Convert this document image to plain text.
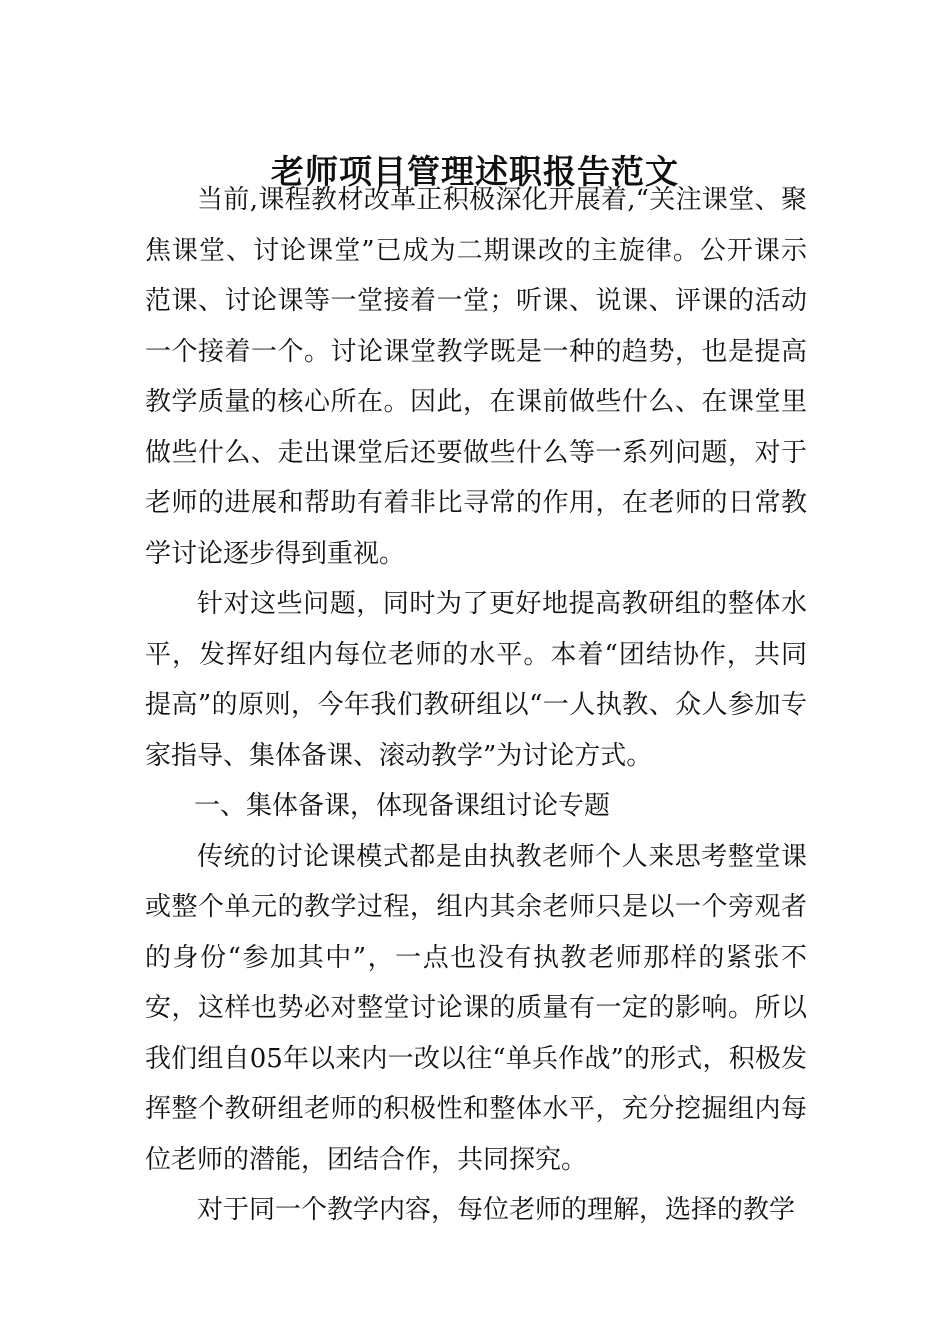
老师项目管理述职报告范文

当前,课程教材改革正积极深化开展着,“关注课堂、聚焦课堂、讨论课堂”已成为二期课改的主旋律。公开课示范课、讨论课等一堂接着一堂；听课、说课、评课的活动一个接着一个。讨论课堂教学既是一种的趋势，也是提高教学质量的核心所在。因此，在课前做些什么、在课堂里做些什么、走出课堂后还要做些什么等一系列问题，对于老师的进展和帮助有着非比寻常的作用，在老师的日常教学讨论逐步得到重视。

针对这些问题，同时为了更好地提高教研组的整体水平，发挥好组内每位老师的水平。本着“团结协作，共同提高”的原则，今年我们教研组以“一人执教、众人参加专家指导、集体备课、滚动教学”为讨论方式。

一、集体备课，体现备课组讨论专题

传统的讨论课模式都是由执教老师个人来思考整堂课或整个单元的教学过程，组内其余老师只是以一个旁观者的身份“参加其中”，一点也没有执教老师那样的紧张不安，这样也势必对整堂讨论课的质量有一定的影响。所以我们组自05年以来内一改以往“单兵作战”的形式，积极发挥整个教研组老师的积极性和整体水平，充分挖掘组内每位老师的潜能，团结合作，共同探究。

对于同一个教学内容，每位老师的理解，选择的教学
